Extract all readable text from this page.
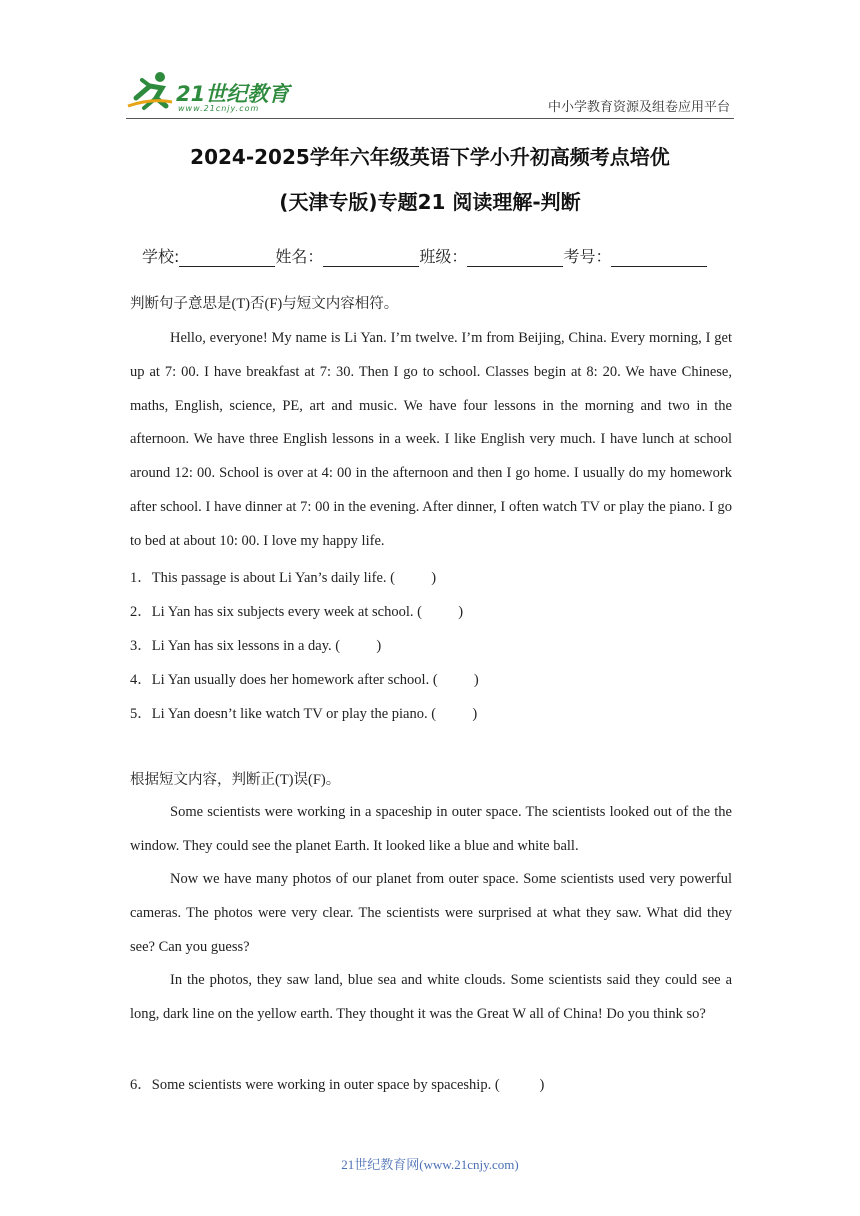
21世纪教育
www.21cnjy.com	中小学教育资源及组卷应用平台
2024-2025学年六年级英语下学小升初高频考点培优
(天津专版)专题21 阅读理解-判断
学校:	姓名：	班级：	考号：
判断句子意思是(T)否(F)与短文内容相符。
Hello, everyone! My name is Li Yan. I’m twelve. I’m from Beijing, China. Every morning, I get up at 7: 00. I have breakfast at 7: 30. Then I go to school. Classes begin at 8: 20. We have Chinese, maths, English, science, PE, art and music. We have four lessons in the morning and two in the afternoon. We have three English lessons in a week. I like English very much. I have lunch at school around 12: 00. School is over at 4: 00 in the afternoon and then I go home. I usually do my homework after school. I have dinner at 7: 00 in the evening. After dinner, I often watch TV or play the piano. I go to bed at about 10: 00. I love my happy life.
1．This passage is about Li Yan’s daily life. (          )
2．Li Yan has six subjects every week at school. (          )
3．Li Yan has six lessons in a day. (          )
4．Li Yan usually does her homework after school. (          )
5．Li Yan doesn’t like watch TV or play the piano. (          )
根据短文内容，判断正(T)误(F)。
Some scientists were working in a spaceship in outer space. The scientists looked out of the the window. They could see the planet Earth. It looked like a blue and white ball.
Now we have many photos of our planet from outer space. Some scientists used very powerful cameras. The photos were very clear. The scientists were surprised at what they saw. What did they see? Can you guess?
In the photos, they saw land, blue sea and white clouds. Some scientists said they could see a long, dark line on the yellow earth. They thought it was the Great W all of China! Do you think so?
6．Some scientists were working in outer space by spaceship. (           )
21世纪教育网(www.21cnjy.com)
